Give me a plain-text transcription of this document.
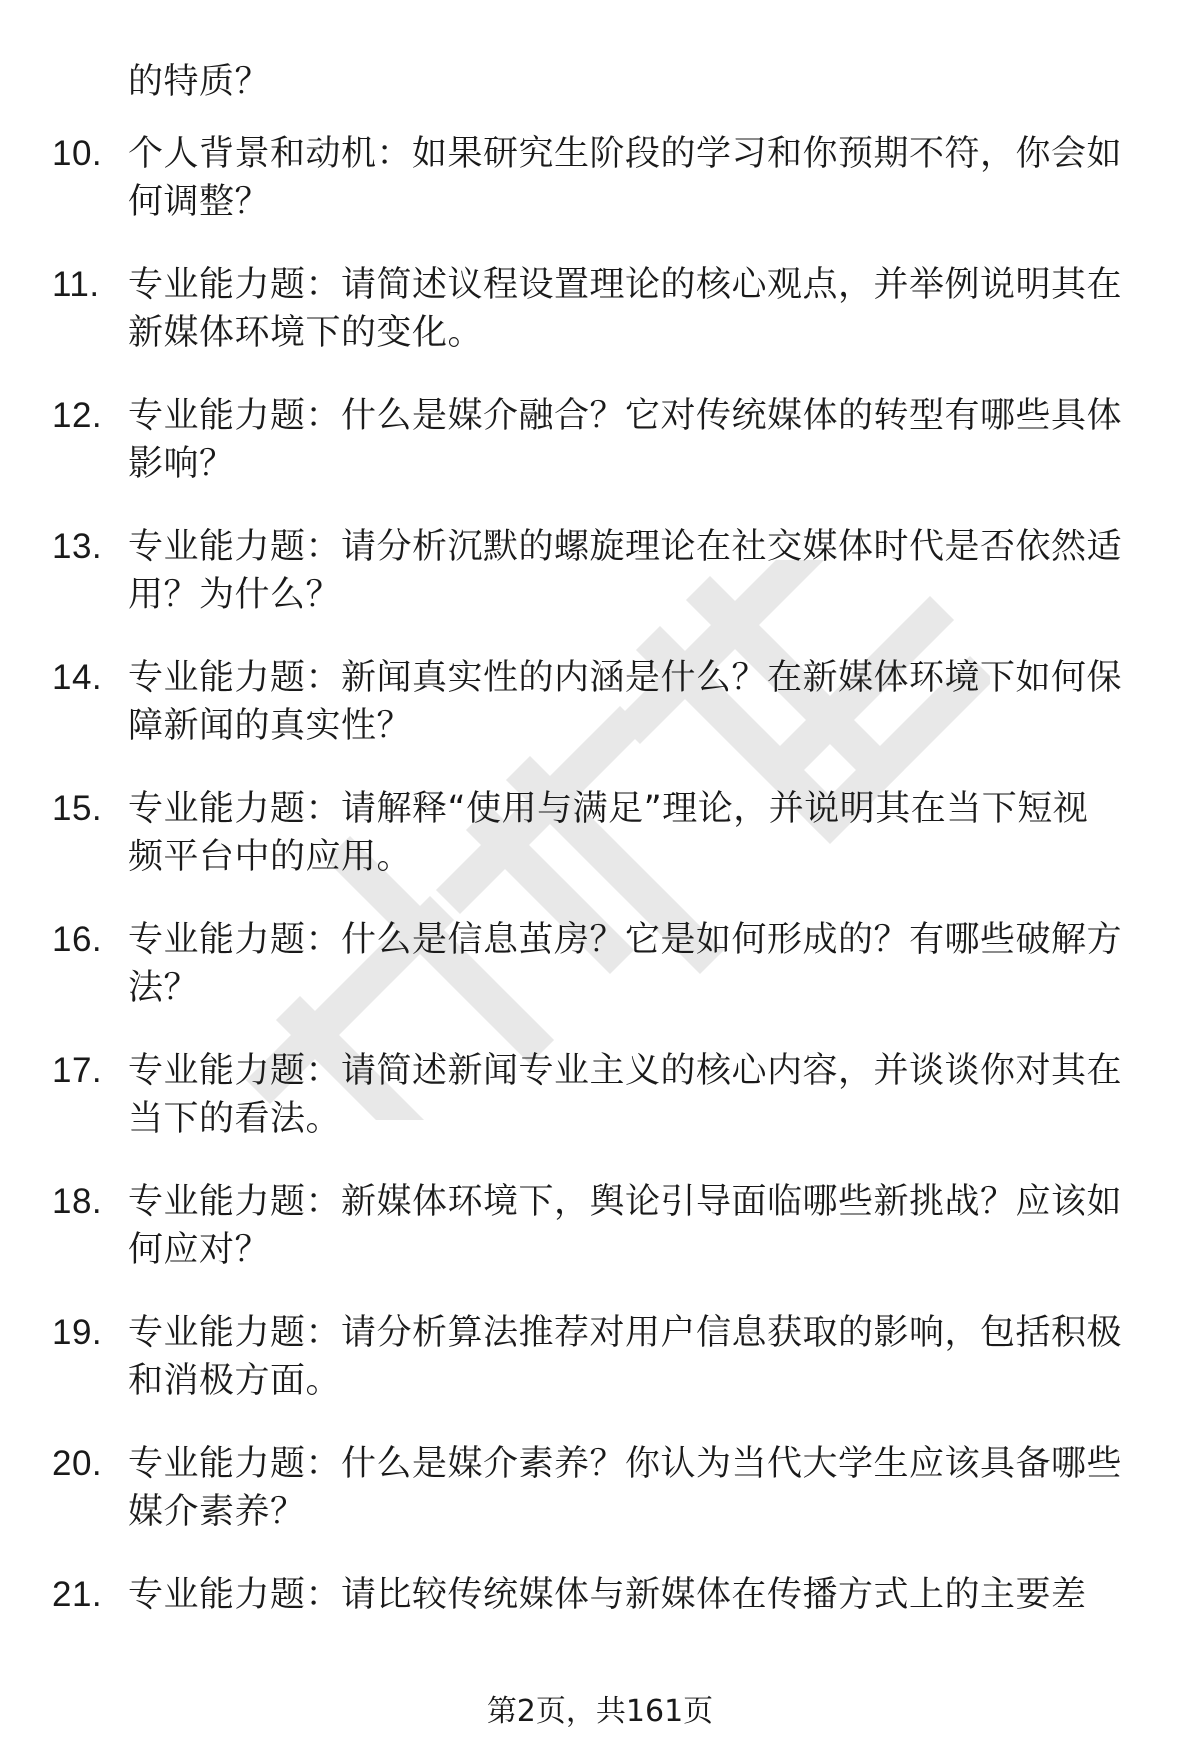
的特质？
10. 个人背景和动机：如果研究生阶段的学习和你预期不符，你会如
何调整？
11. 专业能力题：请简述议程设置理论的核心观点，并举例说明其在
新媒体环境下的变化。
12. 专业能力题：什么是媒介融合？它对传统媒体的转型有哪些具体
影响？
13. 专业能力题：请分析沉默的螺旋理论在社交媒体时代是否依然适
用？为什么？
14. 专业能力题：新闻真实性的内涵是什么？在新媒体环境下如何保
障新闻的真实性？
15. 专业能力题：请解释“使用与满足”理论，并说明其在当下短视
频平台中的应用。
16. 专业能力题：什么是信息茧房？它是如何形成的？有哪些破解方
法？
17. 专业能力题：请简述新闻专业主义的核心内容，并谈谈你对其在
当下的看法。
18. 专业能力题：新媒体环境下，舆论引导面临哪些新挑战？应该如
何应对？
19. 专业能力题：请分析算法推荐对用户信息获取的影响，包括积极
和消极方面。
20. 专业能力题：什么是媒介素养？你认为当代大学生应该具备哪些
媒介素养？
21. 专业能力题：请比较传统媒体与新媒体在传播方式上的主要差
第2页，共161页
